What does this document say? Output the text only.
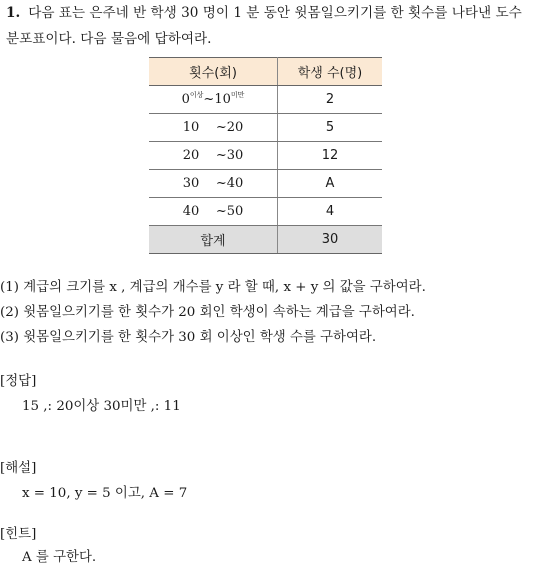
1. 다음 표는 은주네 반 학생 30 명이 1 분 동안 윗몸일으키기를 한 횟수를 나타낸 도수분포표이다. 다음 물음에 답하여라.
횟수(회)	학생 수(명)
$0^{이상}\sim 10^{미만}$	2
10 ~20	5
20 ~30	12
30 ~40	A
40 ~50	4
합계	30
(1) 계급의 크기를 x , 계급의 개수를 y 라 할 때, x + y 의 값을 구하여라.
(2) 윗몸일으키기를 한 횟수가 20 회인 학생이 속하는 계급을 구하여라.
(3) 윗몸일으키기를 한 횟수가 30 회 이상인 학생 수를 구하여라.
[정답]
15 ,: 20이상 30미만 ,: 11
[해설]
x = 10, y = 5 이고, A = 7
[힌트]
A 를 구한다.
